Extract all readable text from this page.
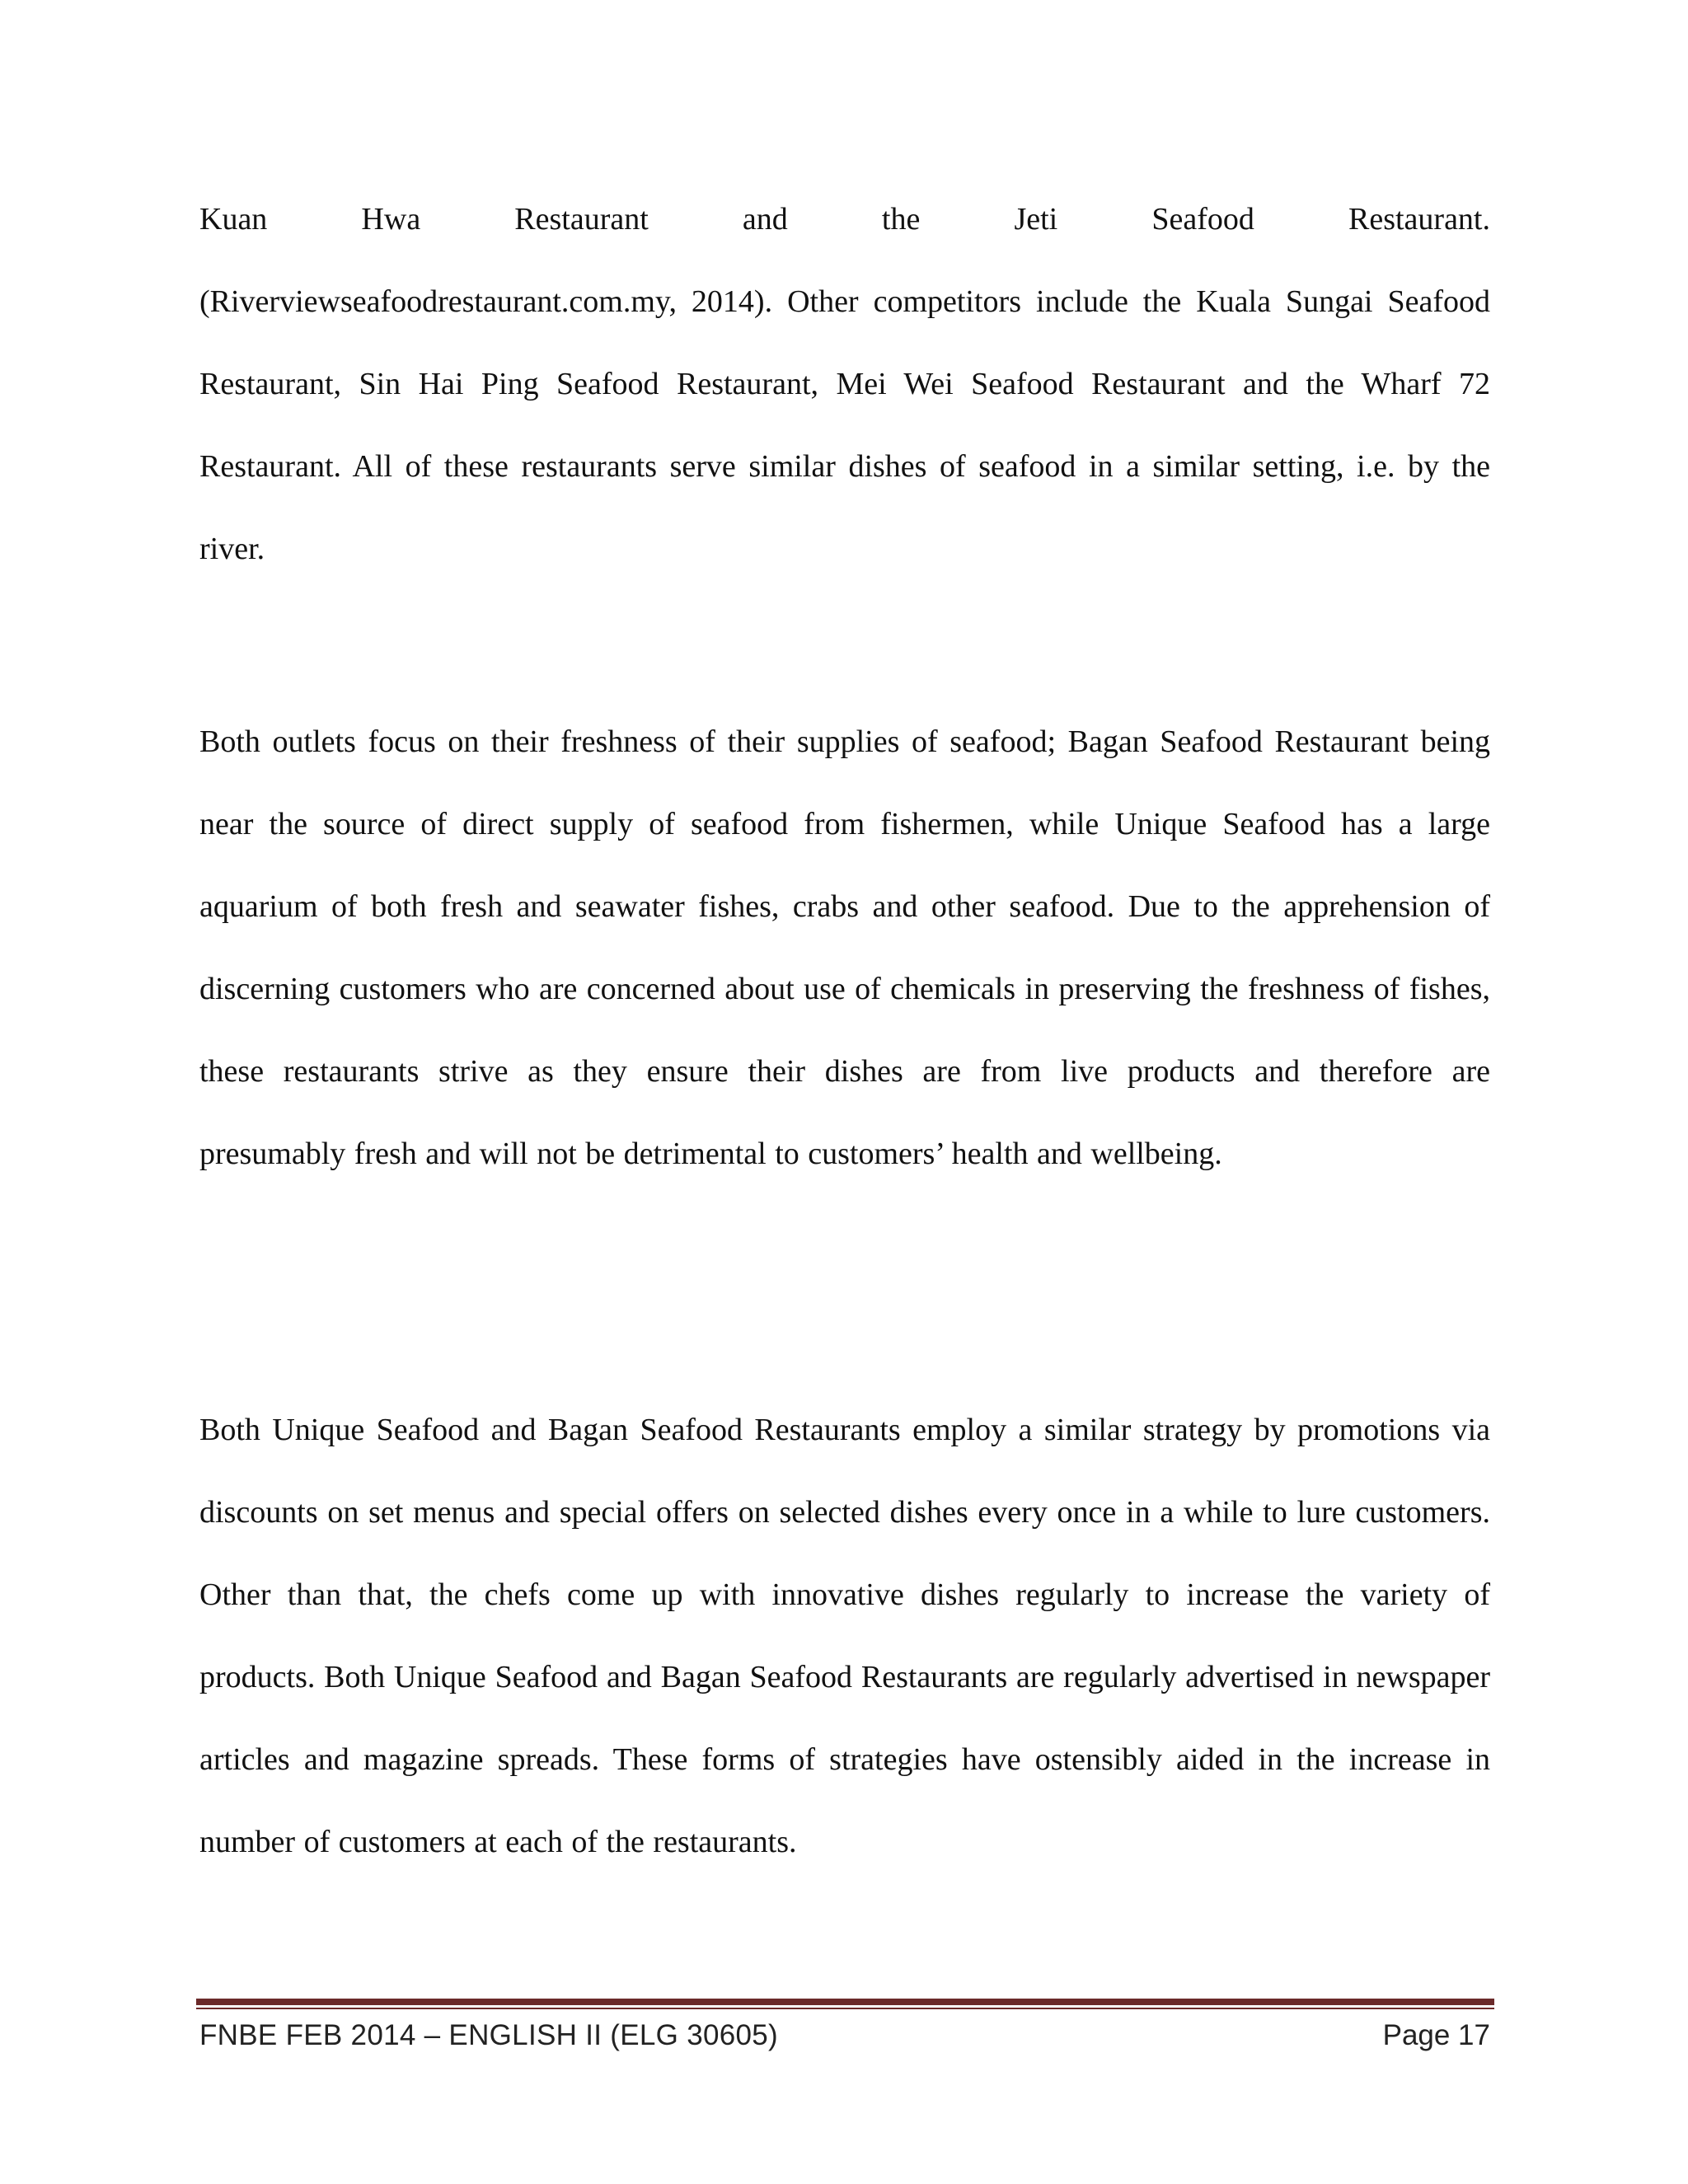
Kuan Hwa Restaurant and the Jeti Seafood Restaurant.
(Riverviewseafoodrestaurant.com.my, 2014). Other competitors include the Kuala Sungai Seafood Restaurant, Sin Hai Ping Seafood Restaurant, Mei Wei Seafood Restaurant and the Wharf 72 Restaurant. All of these restaurants serve similar dishes of seafood in a similar setting, i.e. by the river.

Both outlets focus on their freshness of their supplies of seafood; Bagan Seafood Restaurant being near the source of direct supply of seafood from fishermen, while Unique Seafood has a large aquarium of both fresh and seawater fishes, crabs and other seafood. Due to the apprehension of discerning customers who are concerned about use of chemicals in preserving the freshness of fishes, these restaurants strive as they ensure their dishes are from live products and therefore are presumably fresh and will not be detrimental to customers’ health and wellbeing.

Both Unique Seafood and Bagan Seafood Restaurants employ a similar strategy by promotions via discounts on set menus and special offers on selected dishes every once in a while to lure customers. Other than that, the chefs come up with innovative dishes regularly to increase the variety of products. Both Unique Seafood and Bagan Seafood Restaurants are regularly advertised in newspaper articles and magazine spreads. These forms of strategies have ostensibly aided in the increase in number of customers at each of the restaurants.

FNBE FEB 2014 – ENGLISH II (ELG 30605)	Page 17
